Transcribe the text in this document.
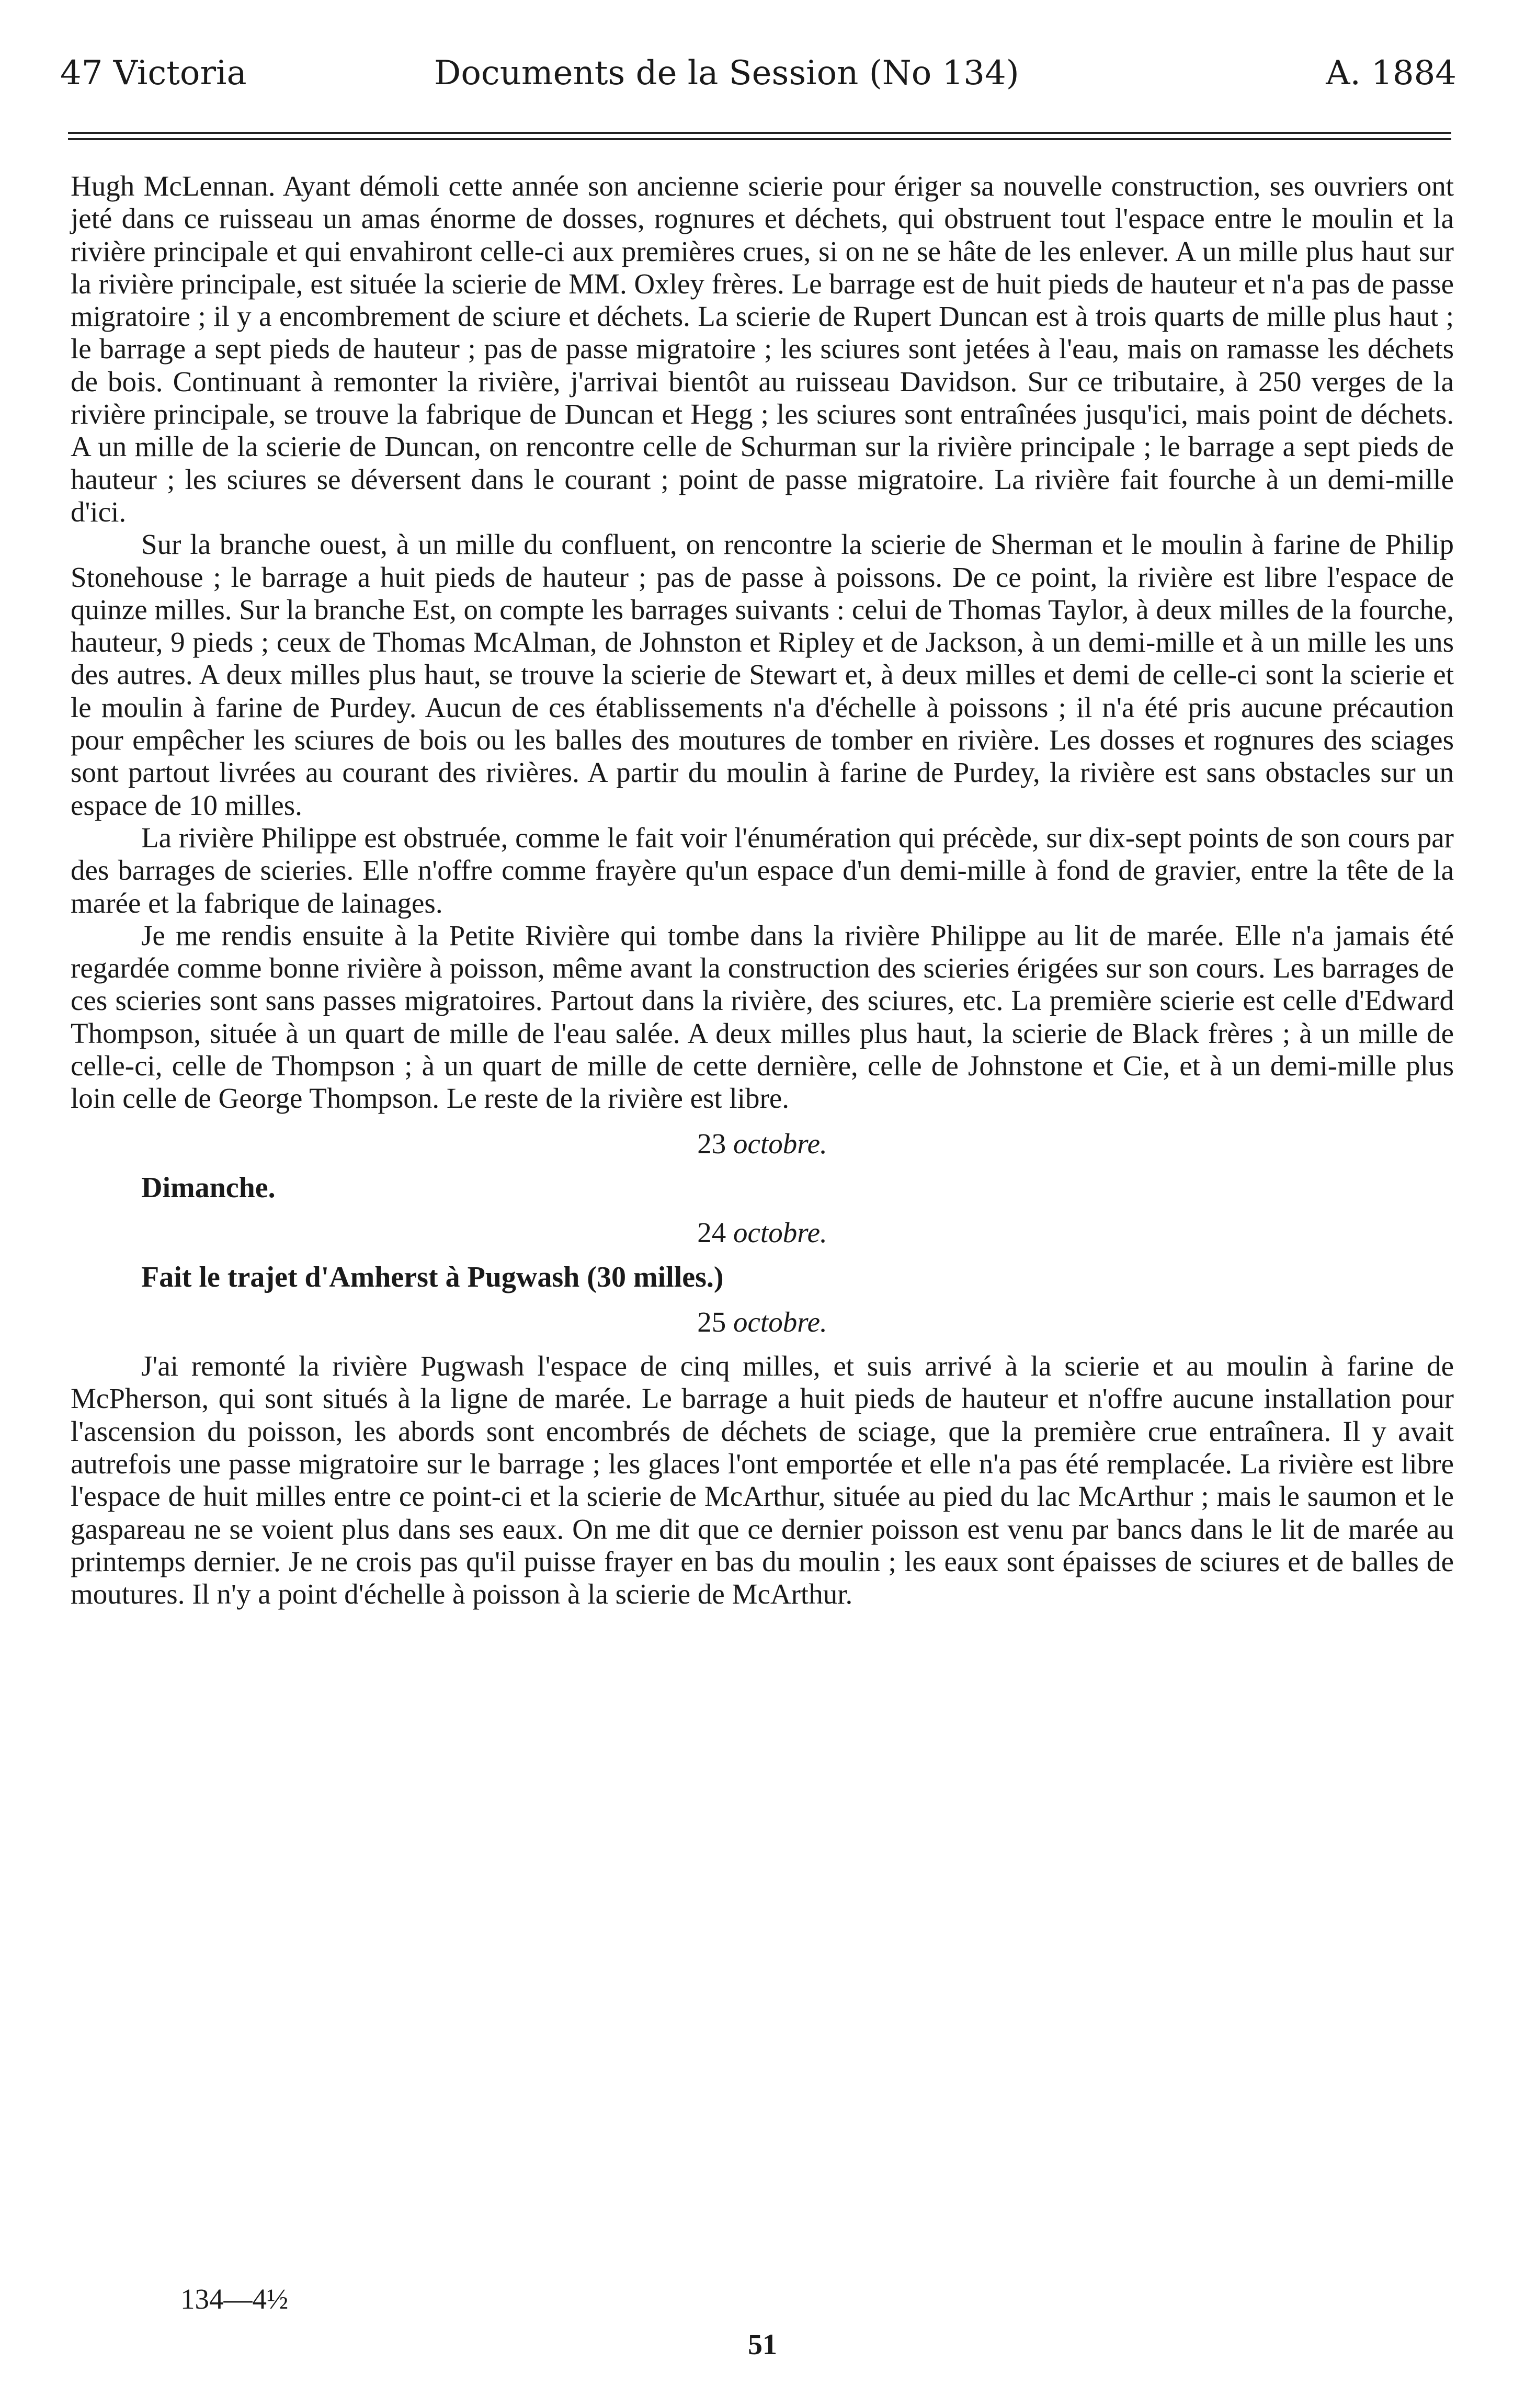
47 Victoria	Documents de la Session (No 134)	A. 1884

Hugh McLennan. Ayant démoli cette année son ancienne scierie pour ériger sa nouvelle construction, ses ouvriers ont jeté dans ce ruisseau un amas énorme de dosses, rognures et déchets, qui obstruent tout l'espace entre le moulin et la rivière principale et qui envahiront celle-ci aux premières crues, si on ne se hâte de les enlever. A un mille plus haut sur la rivière principale, est située la scierie de MM. Oxley frères. Le barrage est de huit pieds de hauteur et n'a pas de passe migratoire ; il y a encombrement de sciure et déchets. La scierie de Rupert Duncan est à trois quarts de mille plus haut ; le barrage a sept pieds de hauteur ; pas de passe migratoire ; les sciures sont jetées à l'eau, mais on ramasse les déchets de bois. Continuant à remonter la rivière, j'arrivai bientôt au ruisseau Davidson. Sur ce tributaire, à 250 verges de la rivière principale, se trouve la fabrique de Duncan et Hegg ; les sciures sont entraînées jusqu'ici, mais point de déchets. A un mille de la scierie de Duncan, on rencontre celle de Schurman sur la rivière principale ; le barrage a sept pieds de hauteur ; les sciures se déversent dans le courant ; point de passe migratoire. La rivière fait fourche à un demi-mille d'ici.

Sur la branche ouest, à un mille du confluent, on rencontre la scierie de Sherman et le moulin à farine de Philip Stonehouse ; le barrage a huit pieds de hauteur ; pas de passe à poissons. De ce point, la rivière est libre l'espace de quinze milles. Sur la branche Est, on compte les barrages suivants : celui de Thomas Taylor, à deux milles de la fourche, hauteur, 9 pieds ; ceux de Thomas McAlman, de Johnston et Ripley et de Jackson, à un demi-mille et à un mille les uns des autres. A deux milles plus haut, se trouve la scierie de Stewart et, à deux milles et demi de celle-ci sont la scierie et le moulin à farine de Purdey. Aucun de ces établissements n'a d'échelle à poissons ; il n'a été pris aucune précaution pour empêcher les sciures de bois ou les balles des moutures de tomber en rivière. Les dosses et rognures des sciages sont partout livrées au courant des rivières. A partir du moulin à farine de Purdey, la rivière est sans obstacles sur un espace de 10 milles.

La rivière Philippe est obstruée, comme le fait voir l'énumération qui précède, sur dix-sept points de son cours par des barrages de scieries. Elle n'offre comme frayère qu'un espace d'un demi-mille à fond de gravier, entre la tête de la marée et la fabrique de lainages.

Je me rendis ensuite à la Petite Rivière qui tombe dans la rivière Philippe au lit de marée. Elle n'a jamais été regardée comme bonne rivière à poisson, même avant la construction des scieries érigées sur son cours. Les barrages de ces scieries sont sans passes migratoires. Partout dans la rivière, des sciures, etc. La première scierie est celle d'Edward Thompson, située à un quart de mille de l'eau salée. A deux milles plus haut, la scierie de Black frères ; à un mille de celle-ci, celle de Thompson ; à un quart de mille de cette dernière, celle de Johnstone et Cie, et à un demi-mille plus loin celle de George Thompson. Le reste de la rivière est libre.

23 octobre.

Dimanche.

24 octobre.

Fait le trajet d'Amherst à Pugwash (30 milles.)

25 octobre.

J'ai remonté la rivière Pugwash l'espace de cinq milles, et suis arrivé à la scierie et au moulin à farine de McPherson, qui sont situés à la ligne de marée. Le barrage a huit pieds de hauteur et n'offre aucune installation pour l'ascension du poisson, les abords sont encombrés de déchets de sciage, que la première crue entraînera. Il y avait autrefois une passe migratoire sur le barrage ; les glaces l'ont emportée et elle n'a pas été remplacée. La rivière est libre l'espace de huit milles entre ce point-ci et la scierie de McArthur, située au pied du lac McArthur ; mais le saumon et le gaspareau ne se voient plus dans ses eaux. On me dit que ce dernier poisson est venu par bancs dans le lit de marée au printemps dernier. Je ne crois pas qu'il puisse frayer en bas du moulin ; les eaux sont épaisses de sciures et de balles de moutures. Il n'y a point d'échelle à poisson à la scierie de McArthur.

134—4½
51
